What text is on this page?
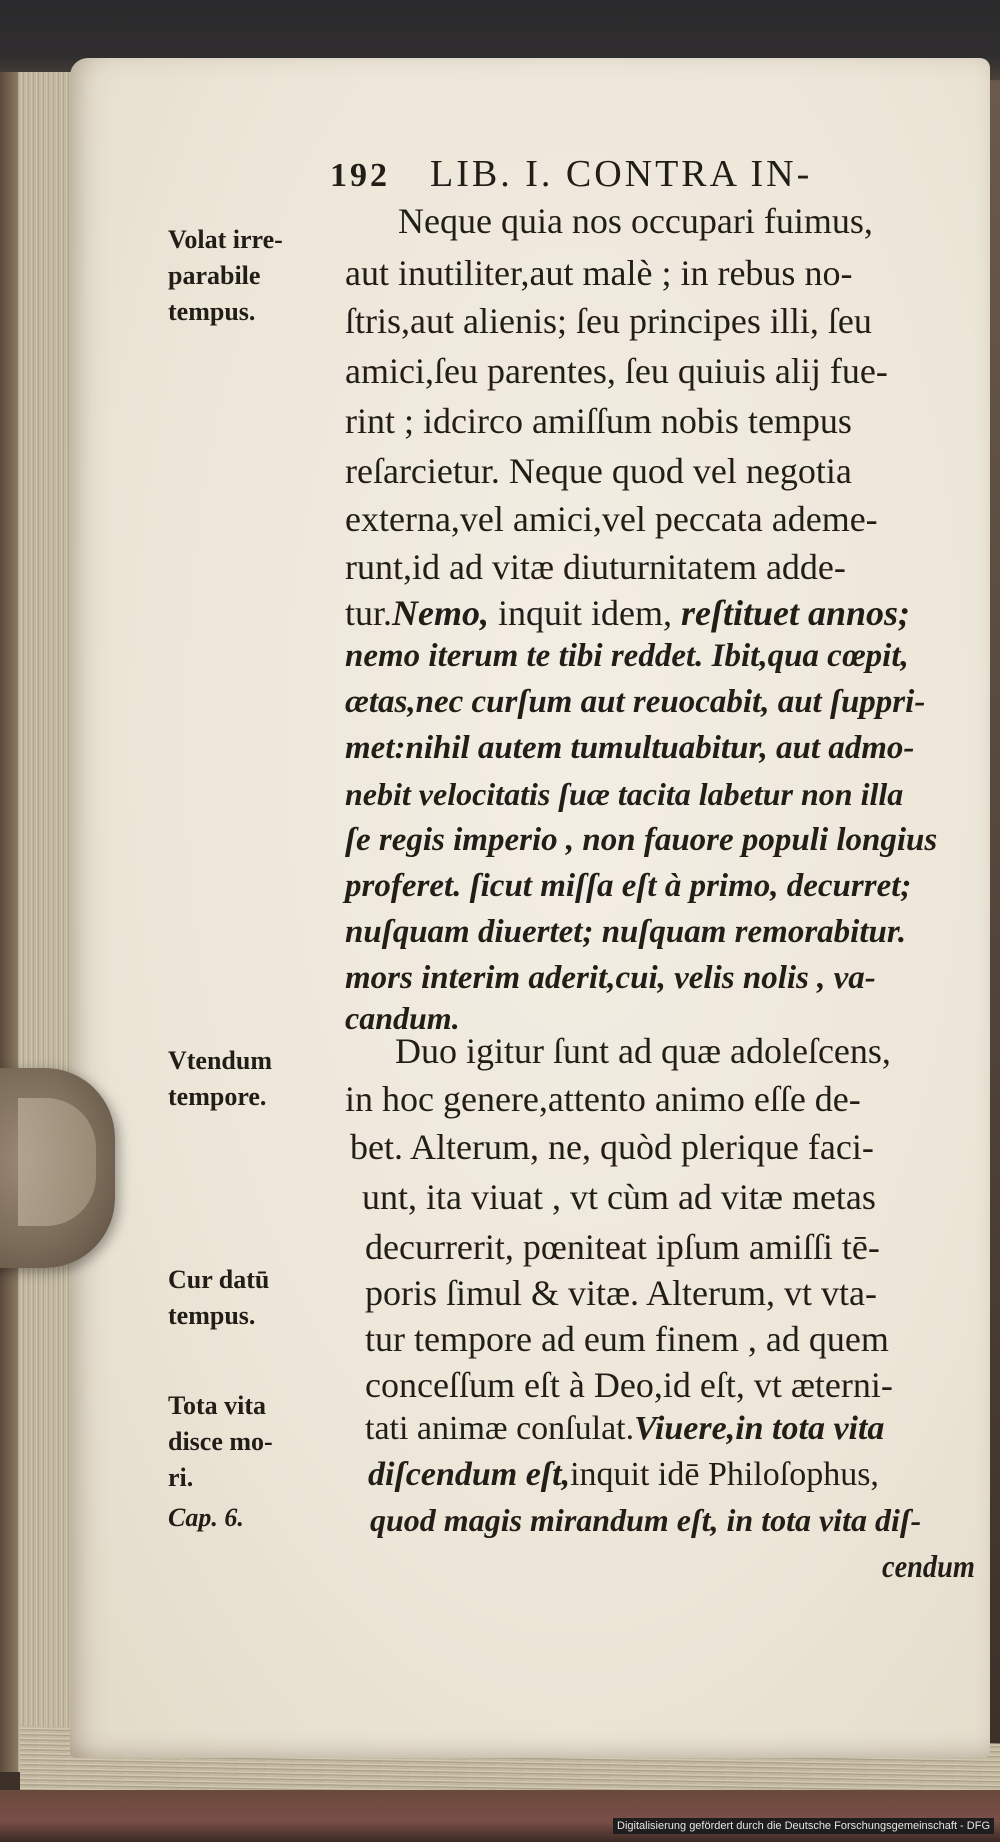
192 LIB. I. CONTRA IN-
Volat irre-
parabile
tempus.
Vtendum
tempore.
Cur datū
tempus.
Tota vita
disce mo-
ri.
Cap. 6.
Neque quia nos occupari fuimus,
aut inutiliter,aut malè ; in rebus no-
ſtris,aut alienis; ſeu principes illi, ſeu
amici,ſeu parentes, ſeu quiuis alij fue-
rint ; idcirco amiſſum nobis tempus
reſarcietur. Neque quod vel negotia
externa,vel amici,vel peccata ademe-
runt,id ad vitæ diuturnitatem adde-
tur.Nemo, inquit idem, reſtituet annos;
nemo iterum te tibi reddet. Ibit,qua cœpit,
ætas,nec curſum aut reuocabit, aut ſuppri-
met:nihil autem tumultuabitur, aut admo-
nebit velocitatis ſuæ tacita labetur non illa
ſe regis imperio , non fauore populi longius
proferet. ſicut miſſa eſt à primo, decurret;
nuſquam diuertet; nuſquam remorabitur.
mors interim aderit,cui, velis nolis , va-
candum.
Duo igitur ſunt ad quæ adoleſcens,
in hoc genere,attento animo eſſe de-
bet. Alterum, ne, quòd plerique faci-
unt, ita viuat , vt cùm ad vitæ metas
decurrerit, pœniteat ipſum amiſſi tē-
poris ſimul & vitæ. Alterum, vt vta-
tur tempore ad eum finem , ad quem
conceſſum eſt à Deo,id eſt, vt æterni-
tati animæ conſulat.Viuere,in tota vita
diſcendum eſt,inquit idē Philoſophus,
quod magis mirandum eſt, in tota vita diſ-
cendum
Digitalisierung gefördert durch die Deutsche Forschungsgemeinschaft - DFG
